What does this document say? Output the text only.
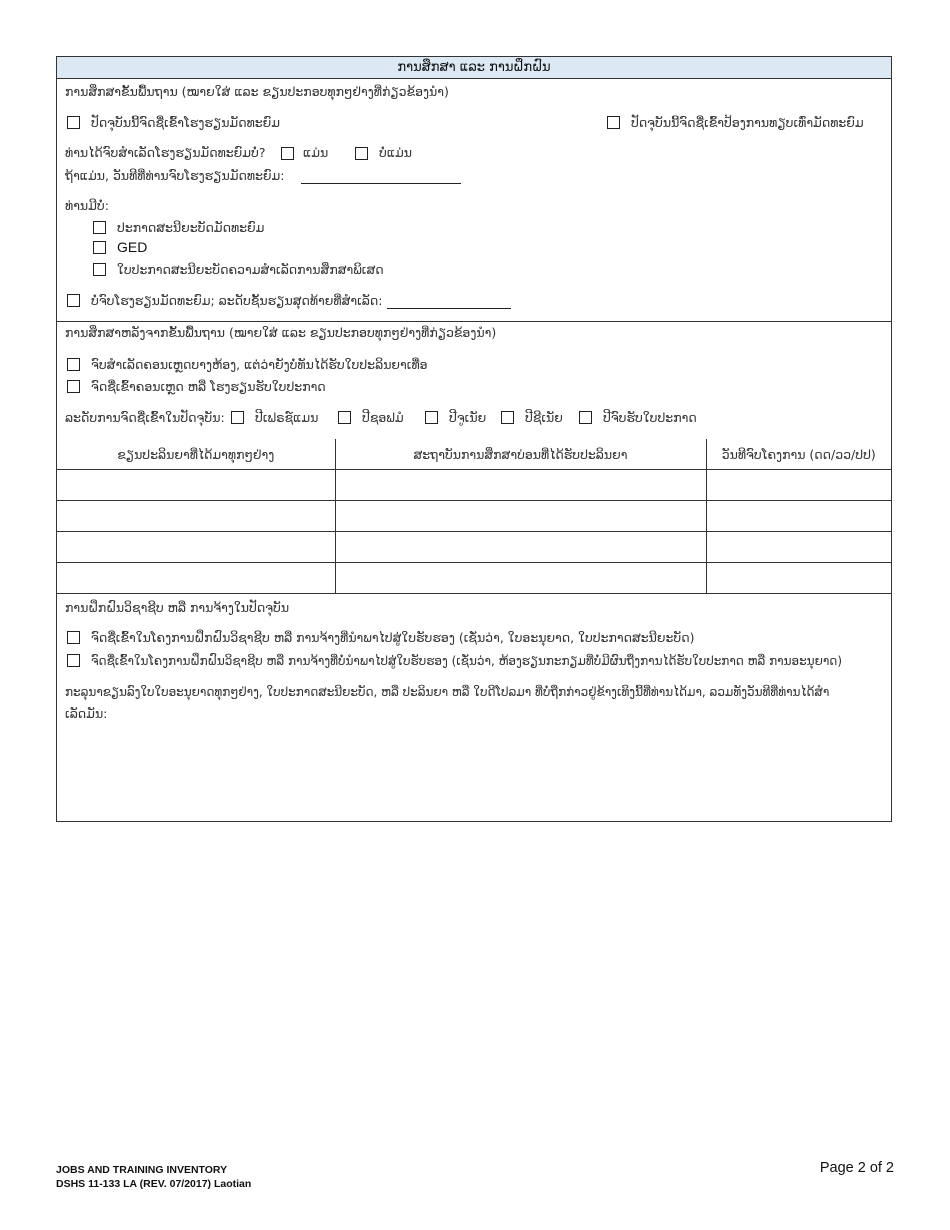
ການສຶກສາ ແລະ ການຝຶກຝົນ
ການສຶກສາຂັ້ນພື້ນຖານ (ໝາຍໃສ່ ແລະ ຂຽນປະກອບທຸກໆຢ່າງທີ່ກ່ຽວຂ້ອງນຳ)
ປັດຈຸບັນນີ້ຈົດຊື່ເຂົ້າໂຮງຮຽນມັດທະຍົມ	ປັດຈຸບັນນີ້ຈົດຊື່ເຂົ້າປ້ອງການທຽບເທົ່າມັດທະຍົມ
ທ່ານໄດ້ຈົບສຳເລັດໂຮງຮຽນມັດທະຍົມບໍ່?	ແມ່ນ	ບໍ່ແມ່ນ
ຖ້າແມ່ນ, ວັນທີທີ່ທ່ານຈົບໂຮງຮຽນມັດທະຍົມ:
ທ່ານມີບໍ່:
ປະກາດສະນີຍະບັດມັດທະຍົມ
GED
ໃບປະກາດສະນີຍະບັດຄວາມສຳເລັດການສຶກສາພິເສດ
ບໍ່ຈົບໂຮງຮຽນມັດທະຍົມ; ລະດັບຊັ້ນຮຽນສຸດທ້າຍທີ່ສຳເລັດ:
ການສຶກສາຫລັງຈາກຂັ້ນພື້ນຖານ (ໝາຍໃສ່ ແລະ ຂຽນປະກອບທຸກໆຢ່າງທີ່ກ່ຽວຂ້ອງນຳ)
ຈົບສຳເລັດຄອນເຫຼດບາງຫ້ອງ, ແຕ່ວ່າຍັງບໍ່ທັນໄດ້ຮັບໃບປະລິນຍາເທື່ອ
ຈົດຊື່ເຂົ້າຄອນເຫຼດ ຫລື ໂຮງຮຽນຮັບໃບປະກາດ
ລະດັບການຈົດຊື່ເຂົ້າໃນປັດຈຸບັນ: ປີເຟຣຊ໌ແມນ	ປີຊອຟມໍ	ປີຈູເນັຍ	ປີຊີເນັຍ	ປີຈົບຮັບໃບປະກາດ
ຂຽນປະລິນຍາທີ່ໄດ້ມາທຸກໆຢ່າງ	ສະຖາບັນການສຶກສາບ່ອນທີ່ໄດ້ຮັບປະລິນຍາ	ວັນທີຈົບໂຄງການ (ດດ/ວວ/ປປ)

ການຝຶກຝົນວິຊາຊີບ ຫລື ການຈ້າງໃນປັດຈຸບັນ
ຈົດຊື່ເຂົ້າໃນໂຄງການຝຶກຝົນວິຊາຊີບ ຫລື ການຈ້າງທີ່ນຳພາໄປສູ່ໃບຮັບຮອງ (ເຊັ່ນວ່າ, ໃບອະນຸຍາດ, ໃບປະກາດສະນີຍະບັດ)
ຈົດຊື່ເຂົ້າໃນໂຄງການຝຶກຝົນວິຊາຊີບ ຫລື ການຈ້າງທີ່ບໍ່ນຳພາໄປສູ່ໃບຮັບຮອງ (ເຊັ່ນວ່າ, ຫ້ອງຮຽນກະກຽມທີ່ບໍ່ມີຜົນຖືງການໄດ້ຮັບໃບປະກາດ ຫລື ການອະນຸຍາດ)
ກະລຸນາຂຽນລົງໃບໃບອະນຸຍາດທຸກໆຢ່າງ, ໃບປະກາດສະນີຍະບັດ, ຫລື ປະລິນຍາ ຫລື ໃບດີໂປລມາ ທີ່ບໍ່ຖືກກ່າວຢູ່ຂ້າງເທິງນີ້ທີ່ທ່ານໄດ້ມາ, ລວມທັງວັນທີທີ່ທ່ານໄດ້ສຳ
ເລັດມັນ:
JOBS AND TRAINING INVENTORY
DSHS 11-133 LA (REV. 07/2017) Laotian
Page 2 of 2
